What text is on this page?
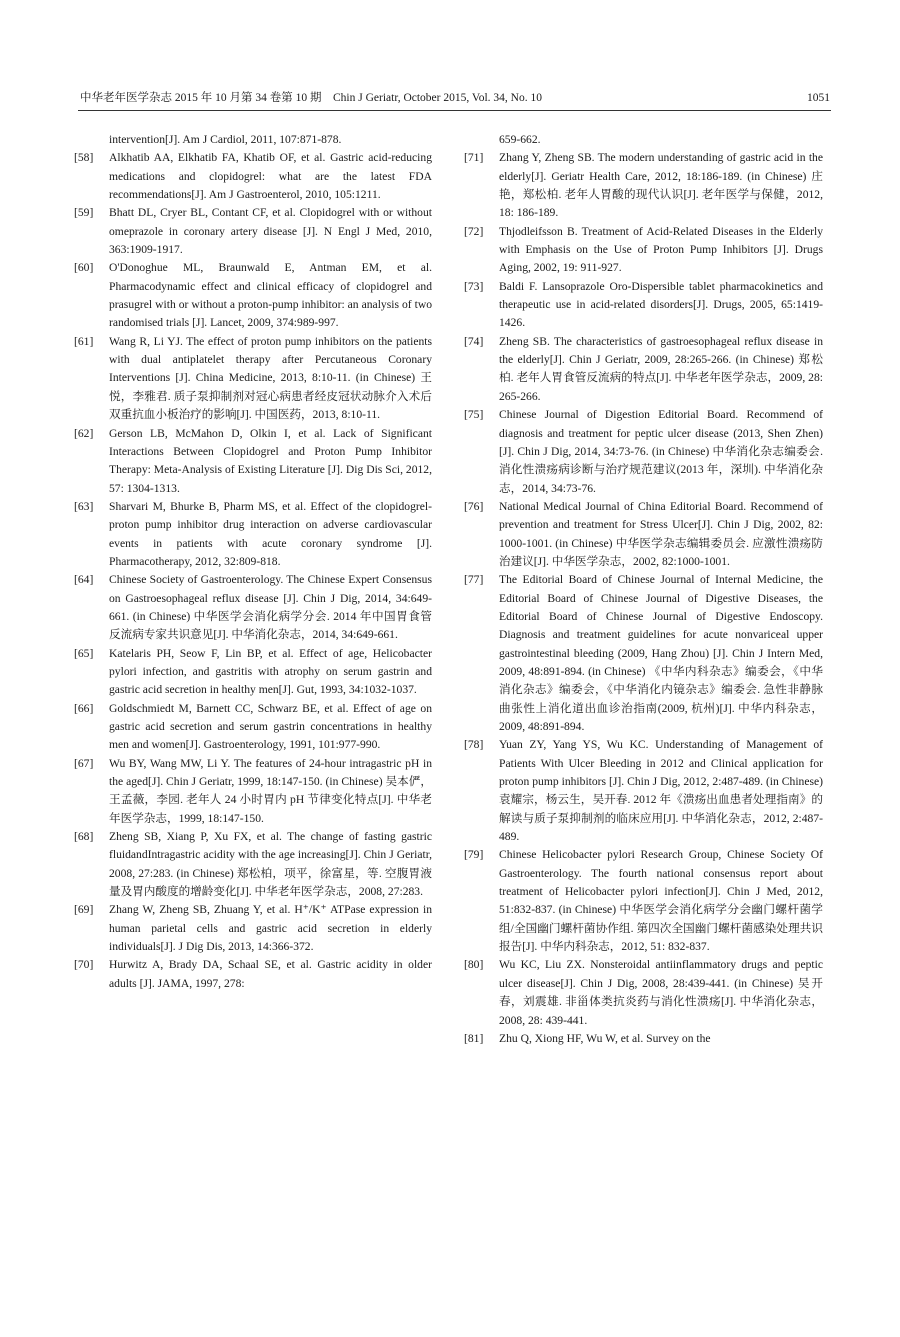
中华老年医学杂志 2015 年 10 月第 34 卷第 10 期　Chin J Geriatr, October 2015, Vol. 34, No. 10	1051
intervention[J]. Am J Cardiol, 2011, 107:871-878.
[58]	Alkhatib AA, Elkhatib FA, Khatib OF, et al. Gastric acid-reducing medications and clopidogrel: what are the latest FDA recommendations[J]. Am J Gastroenterol, 2010, 105:1211.
[59]	Bhatt DL, Cryer BL, Contant CF, et al. Clopidogrel with or without omeprazole in coronary artery disease [J]. N Engl J Med, 2010, 363:1909-1917.
[60]	O'Donoghue ML, Braunwald E, Antman EM, et al. Pharmacodynamic effect and clinical efficacy of clopidogrel and prasugrel with or without a proton-pump inhibitor: an analysis of two randomised trials [J]. Lancet, 2009, 374:989-997.
[61]	Wang R, Li YJ. The effect of proton pump inhibitors on the patients with dual antiplatelet therapy after Percutaneous Coronary Interventions [J]. China Medicine, 2013, 8:10-11. (in Chinese) 王悦，李雅君. 质子泵抑制剂对冠心病患者经皮冠状动脉介入术后双重抗血小板治疗的影响[J]. 中国医药，2013, 8:10-11.
[62]	Gerson LB, McMahon D, Olkin I, et al. Lack of Significant Interactions Between Clopidogrel and Proton Pump Inhibitor Therapy: Meta-Analysis of Existing Literature [J]. Dig Dis Sci, 2012, 57: 1304-1313.
[63]	Sharvari M, Bhurke B, Pharm MS, et al. Effect of the clopidogrel-proton pump inhibitor drug interaction on adverse cardiovascular events in patients with acute coronary syndrome [J]. Pharmacotherapy, 2012, 32:809-818.
[64]	Chinese Society of Gastroenterology. The Chinese Expert Consensus on Gastroesophageal reflux disease [J]. Chin J Dig, 2014, 34:649-661. (in Chinese) 中华医学会消化病学分会. 2014 年中国胃食管反流病专家共识意见[J]. 中华消化杂志，2014, 34:649-661.
[65]	Katelaris PH, Seow F, Lin BP, et al. Effect of age, Helicobacter pylori infection, and gastritis with atrophy on serum gastrin and gastric acid secretion in healthy men[J]. Gut, 1993, 34:1032-1037.
[66]	Goldschmiedt M, Barnett CC, Schwarz BE, et al. Effect of age on gastric acid secretion and serum gastrin concentrations in healthy men and women[J]. Gastroenterology, 1991, 101:977-990.
[67]	Wu BY, Wang MW, Li Y. The features of 24-hour intragastric pH in the aged[J]. Chin J Geriatr, 1999, 18:147-150. (in Chinese) 吴本俨，王孟薇，李园. 老年人 24 小时胃内 pH 节律变化特点[J]. 中华老年医学杂志，1999, 18:147-150.
[68]	Zheng SB, Xiang P, Xu FX, et al. The change of fasting gastric fluidandIntragastric acidity with the age increasing[J]. Chin J Geriatr, 2008, 27:283. (in Chinese) 郑松柏，项平，徐富星，等. 空腹胃液量及胃内酸度的增龄变化[J]. 中华老年医学杂志，2008, 27:283.
[69]	Zhang W, Zheng SB, Zhuang Y, et al. H⁺/K⁺ ATPase expression in human parietal cells and gastric acid secretion in elderly individuals[J]. J Dig Dis, 2013, 14:366-372.
[70]	Hurwitz A, Brady DA, Schaal SE, et al. Gastric acidity in older adults [J]. JAMA, 1997, 278:
659-662.
[71]	Zhang Y, Zheng SB. The modern understanding of gastric acid in the elderly[J]. Geriatr Health Care, 2012, 18:186-189. (in Chinese) 庄艳，郑松柏. 老年人胃酸的现代认识[J]. 老年医学与保健，2012, 18: 186-189.
[72]	Thjodleifsson B. Treatment of Acid-Related Diseases in the Elderly with Emphasis on the Use of Proton Pump Inhibitors [J]. Drugs Aging, 2002, 19: 911-927.
[73]	Baldi F. Lansoprazole Oro-Dispersible tablet pharmacokinetics and therapeutic use in acid-related disorders[J]. Drugs, 2005, 65:1419-1426.
[74]	Zheng SB. The characteristics of gastroesophageal reflux disease in the elderly[J]. Chin J Geriatr, 2009, 28:265-266. (in Chinese) 郑松柏. 老年人胃食管反流病的特点[J]. 中华老年医学杂志，2009, 28: 265-266.
[75]	Chinese Journal of Digestion Editorial Board. Recommend of diagnosis and treatment for peptic ulcer disease (2013, Shen Zhen) [J]. Chin J Dig, 2014, 34:73-76. (in Chinese) 中华消化杂志编委会. 消化性溃疡病诊断与治疗规范建议(2013 年，深圳). 中华消化杂志，2014, 34:73-76.
[76]	National Medical Journal of China Editorial Board. Recommend of prevention and treatment for Stress Ulcer[J]. Chin J Dig, 2002, 82: 1000-1001. (in Chinese) 中华医学杂志编辑委员会. 应激性溃疡防治建议[J]. 中华医学杂志，2002, 82:1000-1001.
[77]	The Editorial Board of Chinese Journal of Internal Medicine, the Editorial Board of Chinese Journal of Digestive Diseases, the Editorial Board of Chinese Journal of Digestive Endoscopy. Diagnosis and treatment guidelines for acute nonvariceal upper gastrointestinal bleeding (2009, Hang Zhou) [J]. Chin J Intern Med, 2009, 48:891-894. (in Chinese) 《中华内科杂志》编委会，《中华消化杂志》编委会，《中华消化内镜杂志》编委会. 急性非静脉曲张性上消化道出血诊治指南(2009, 杭州)[J]. 中华内科杂志，2009, 48:891-894.
[78]	Yuan ZY, Yang YS, Wu KC. Understanding of Management of Patients With Ulcer Bleeding in 2012 and Clinical application for proton pump inhibitors [J]. Chin J Dig, 2012, 2:487-489. (in Chinese) 袁耀宗，杨云生，吴开春. 2012 年《溃疡出血患者处理指南》的解读与质子泵抑制剂的临床应用[J]. 中华消化杂志，2012, 2:487-489.
[79]	Chinese Helicobacter pylori Research Group, Chinese Society Of Gastroenterology. The fourth national consensus report about treatment of Helicobacter pylori infection[J]. Chin J Med, 2012, 51:832-837. (in Chinese) 中华医学会消化病学分会幽门螺杆菌学组/全国幽门螺杆菌协作组. 第四次全国幽门螺杆菌感染处理共识报告[J]. 中华内科杂志，2012, 51: 832-837.
[80]	Wu KC, Liu ZX. Nonsteroidal antiinflammatory drugs and peptic ulcer disease[J]. Chin J Dig, 2008, 28:439-441. (in Chinese) 吴开春，刘震雄. 非甾体类抗炎药与消化性溃疡[J]. 中华消化杂志，2008, 28: 439-441.
[81]	Zhu Q, Xiong HF, Wu W, et al. Survey on the
